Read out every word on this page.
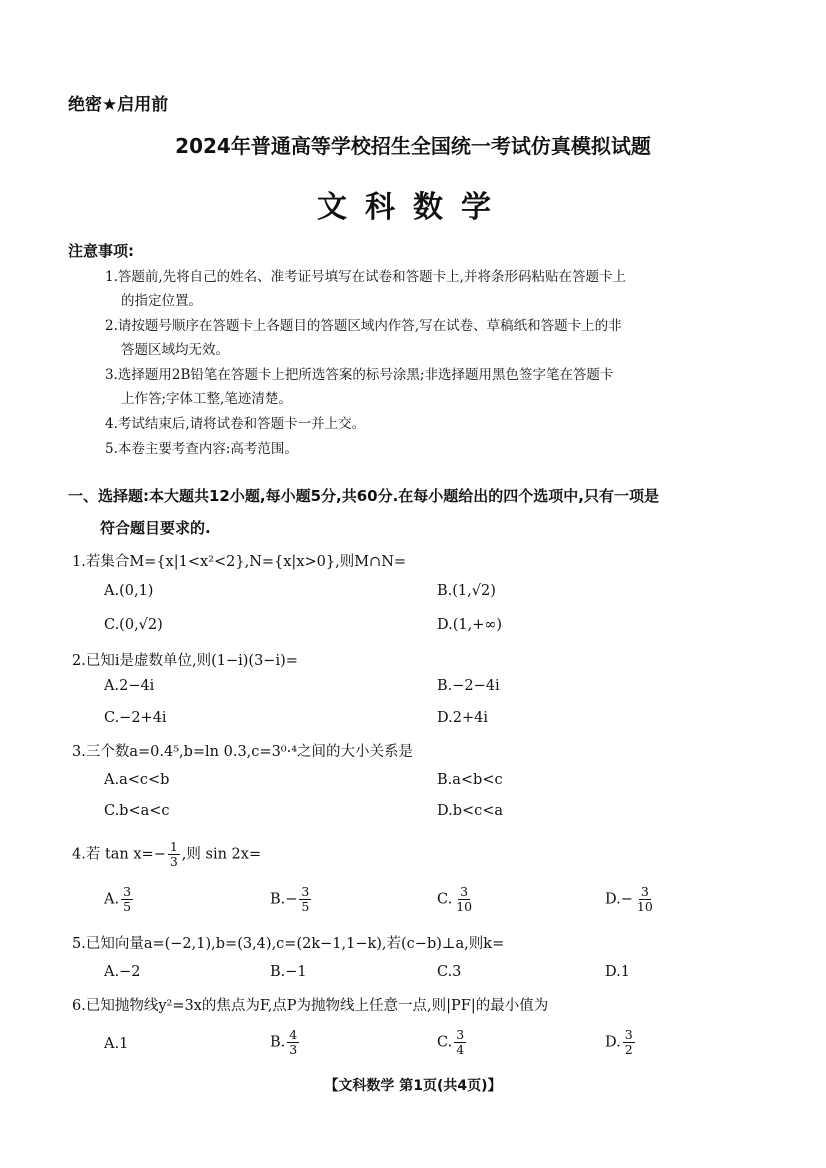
绝密★启用前
2024年普通高等学校招生全国统一考试仿真模拟试题
文科数学
注意事项:
1.答题前,先将自己的姓名、准考证号填写在试卷和答题卡上,并将条形码粘贴在答题卡上
的指定位置。
2.请按题号顺序在答题卡上各题目的答题区域内作答,写在试卷、草稿纸和答题卡上的非
答题区域均无效。
3.选择题用2B铅笔在答题卡上把所选答案的标号涂黑;非选择题用黑色签字笔在答题卡
上作答;字体工整,笔迹清楚。
4.考试结束后,请将试卷和答题卡一并上交。
5.本卷主要考查内容:高考范围。
一、选择题:本大题共12小题,每小题5分,共60分.在每小题给出的四个选项中,只有一项是
符合题目要求的.
1.若集合M={x|1<x²<2},N={x|x>0},则M∩N=
A.(0,1)	B.(1,√2)
C.(0,√2)	D.(1,+∞)
2.已知i是虚数单位,则(1−i)(3−i)=
A.2−4i	B.−2−4i
C.−2+4i	D.2+4i
3.三个数a=0.4⁵,b=ln 0.3,c=3⁰·⁴之间的大小关系是
A.a<c<b	B.a<b<c
C.b<a<c	D.b<c<a
4.若 $\tan x=- \frac{1}{3}$ ,则 sin 2x=
A. $\frac{3}{5}$	$B.- \frac{3}{5}$	C. $\frac{3}{10}$	$D.- \frac{3}{10}$
5.已知向量a=(−2,1),b=(3,4),c=(2k−1,1−k),若(c−b)⊥a,则k=
A.−2	B.−1	C.3	D.1
6.已知抛物线y²=3x的焦点为F,点P为抛物线上任意一点,则|PF|的最小值为
A.1	B. $\frac{4}{3}$	C. $\frac{3}{4}$	D. $\frac{3}{2}$
【文科数学 第1页(共4页)】
